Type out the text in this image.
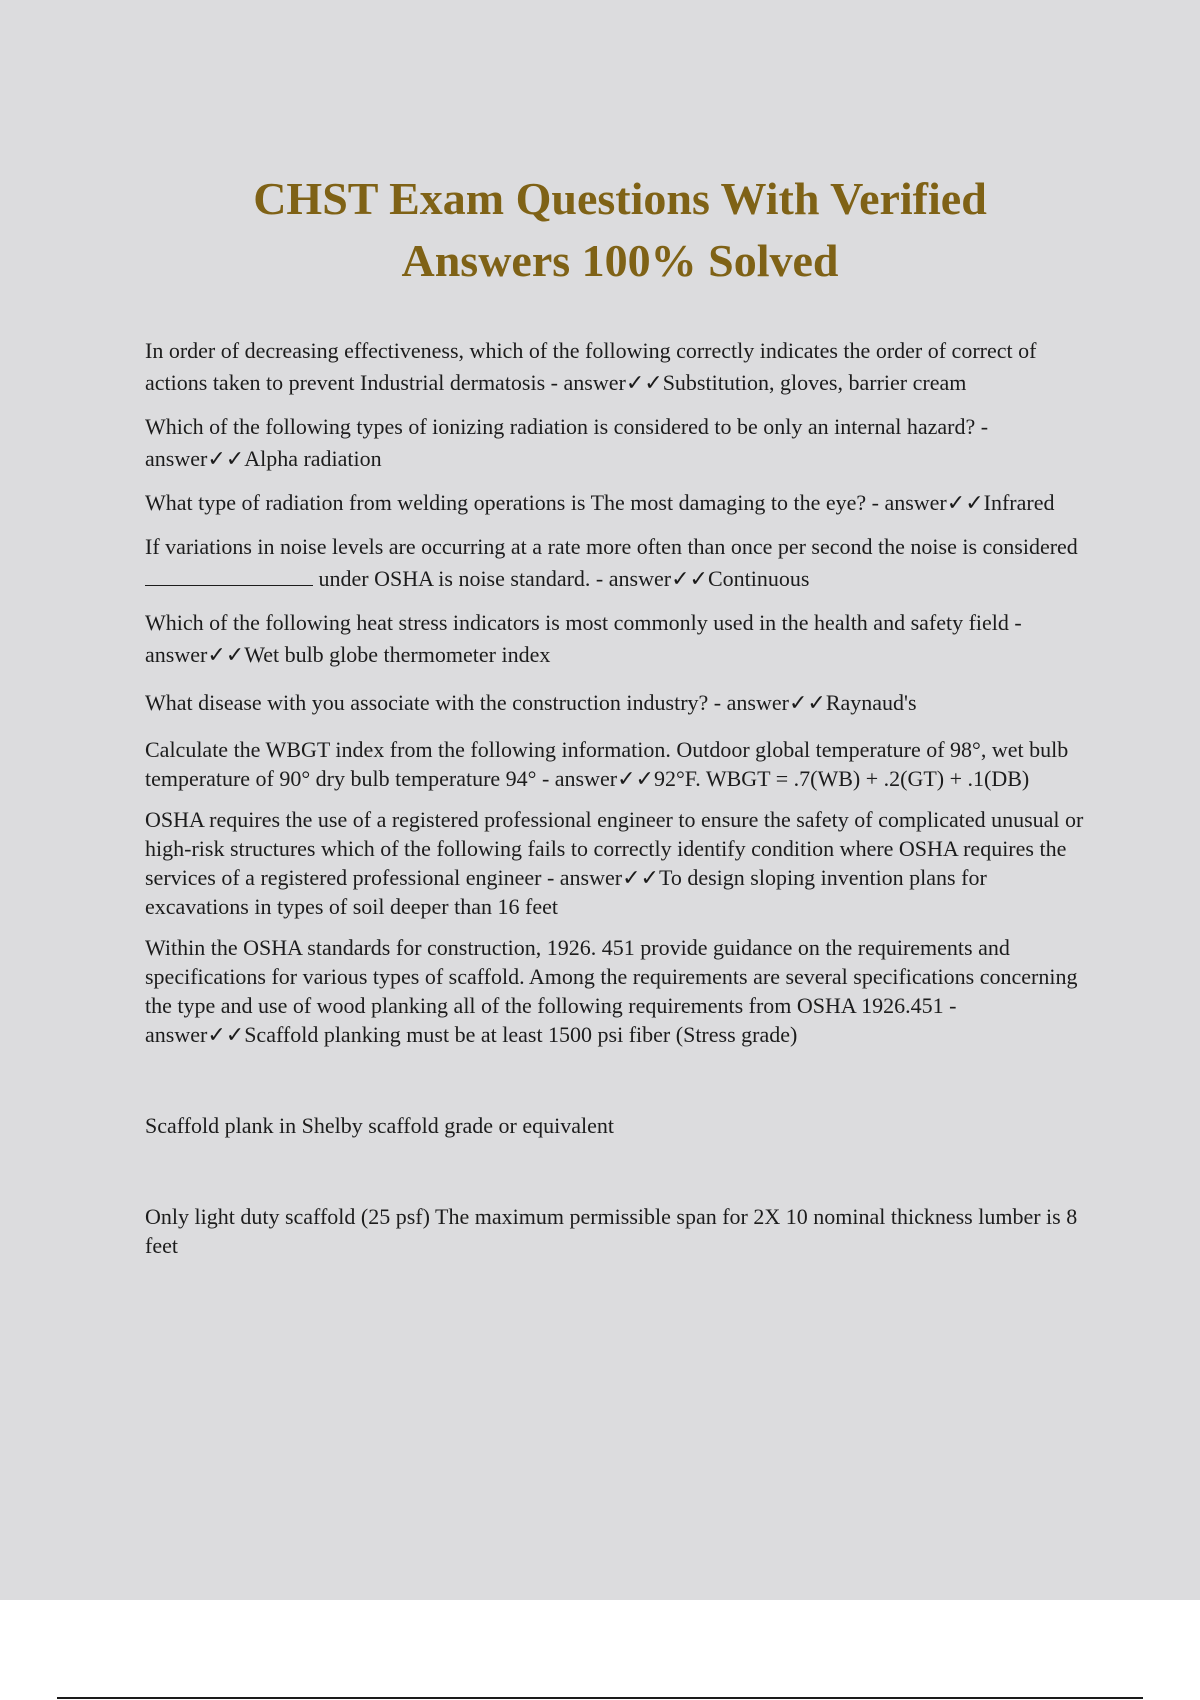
CHST Exam Questions With Verified
Answers 100% Solved

In order of decreasing effectiveness, which of the following correctly indicates the order of correct of actions taken to prevent Industrial dermatosis - answer✓✓Substitution, gloves, barrier cream

Which of the following types of ionizing radiation is considered to be only an internal hazard? - answer✓✓Alpha radiation

What type of radiation from welding operations is The most damaging to the eye? - answer✓✓Infrared

If variations in noise levels are occurring at a rate more often than once per second the noise is considered under OSHA is noise standard. - answer✓✓Continuous

Which of the following heat stress indicators is most commonly used in the health and safety field - answer✓✓Wet bulb globe thermometer index

What disease with you associate with the construction industry? - answer✓✓Raynaud's

Calculate the WBGT index from the following information. Outdoor global temperature of 98°, wet bulb temperature of 90° dry bulb temperature 94° - answer✓✓92°F. WBGT = .7(WB) + .2(GT) + .1(DB)

OSHA requires the use of a registered professional engineer to ensure the safety of complicated unusual or high-risk structures which of the following fails to correctly identify condition where OSHA requires the services of a registered professional engineer - answer✓✓To design sloping invention plans for excavations in types of soil deeper than 16 feet

Within the OSHA standards for construction, 1926. 451 provide guidance on the requirements and specifications for various types of scaffold. Among the requirements are several specifications concerning the type and use of wood planking all of the following requirements from OSHA 1926.451 - answer✓✓Scaffold planking must be at least 1500 psi fiber (Stress grade)

Scaffold plank in Shelby scaffold grade or equivalent

Only light duty scaffold (25 psf) The maximum permissible span for 2X 10 nominal thickness lumber is 8 feet
